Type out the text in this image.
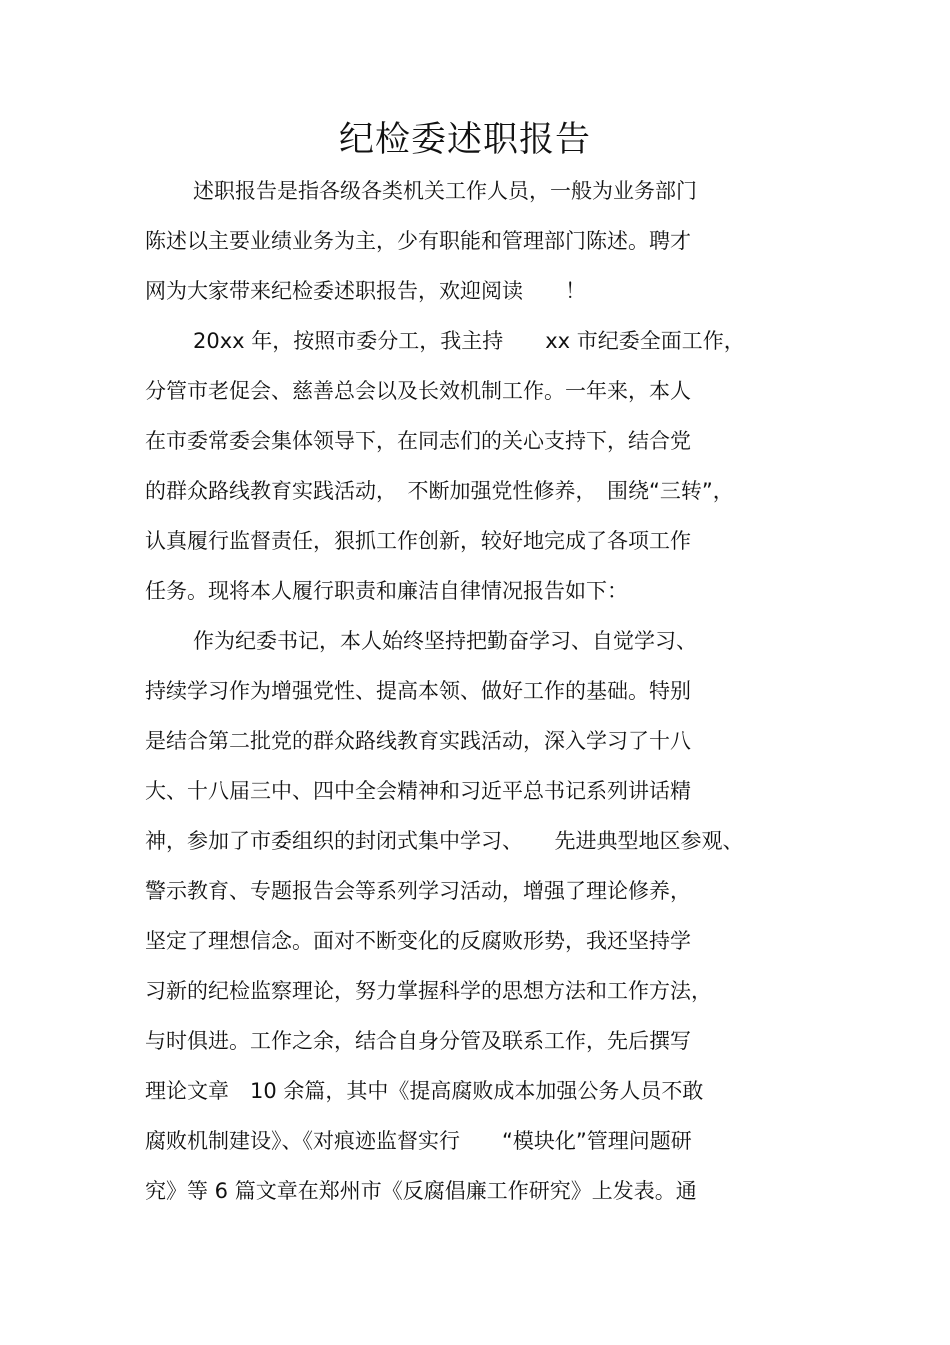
纪检委述职报告

述职报告是指各级各类机关工作人员，一般为业务部门

陈述以主要业绩业务为主，少有职能和管理部门陈述。聘才

网为大家带来纪检委述职报告，欢迎阅读　　！

20xx 年，按照市委分工，我主持　　xx 市纪委全面工作，

分管市老促会、慈善总会以及长效机制工作。一年来，本人

在市委常委会集体领导下，在同志们的关心支持下，结合党

的群众路线教育实践活动，　不断加强党性修养，　围绕“三转”，

认真履行监督责任，狠抓工作创新，较好地完成了各项工作

任务。现将本人履行职责和廉洁自律情况报告如下：

作为纪委书记，本人始终坚持把勤奋学习、自觉学习、

持续学习作为增强党性、提高本领、做好工作的基础。特别

是结合第二批党的群众路线教育实践活动，深入学习了十八

大、十八届三中、四中全会精神和习近平总书记系列讲话精

神，参加了市委组织的封闭式集中学习、　　先进典型地区参观、

警示教育、专题报告会等系列学习活动，增强了理论修养，

坚定了理想信念。面对不断变化的反腐败形势，我还坚持学

习新的纪检监察理论，努力掌握科学的思想方法和工作方法，

与时俱进。工作之余，结合自身分管及联系工作，先后撰写

理论文章　10 余篇，其中《提高腐败成本加强公务人员不敢

腐败机制建设》、《对痕迹监督实行　　“模块化”管理问题研

究》等 6 篇文章在郑州市《反腐倡廉工作研究》上发表。通
